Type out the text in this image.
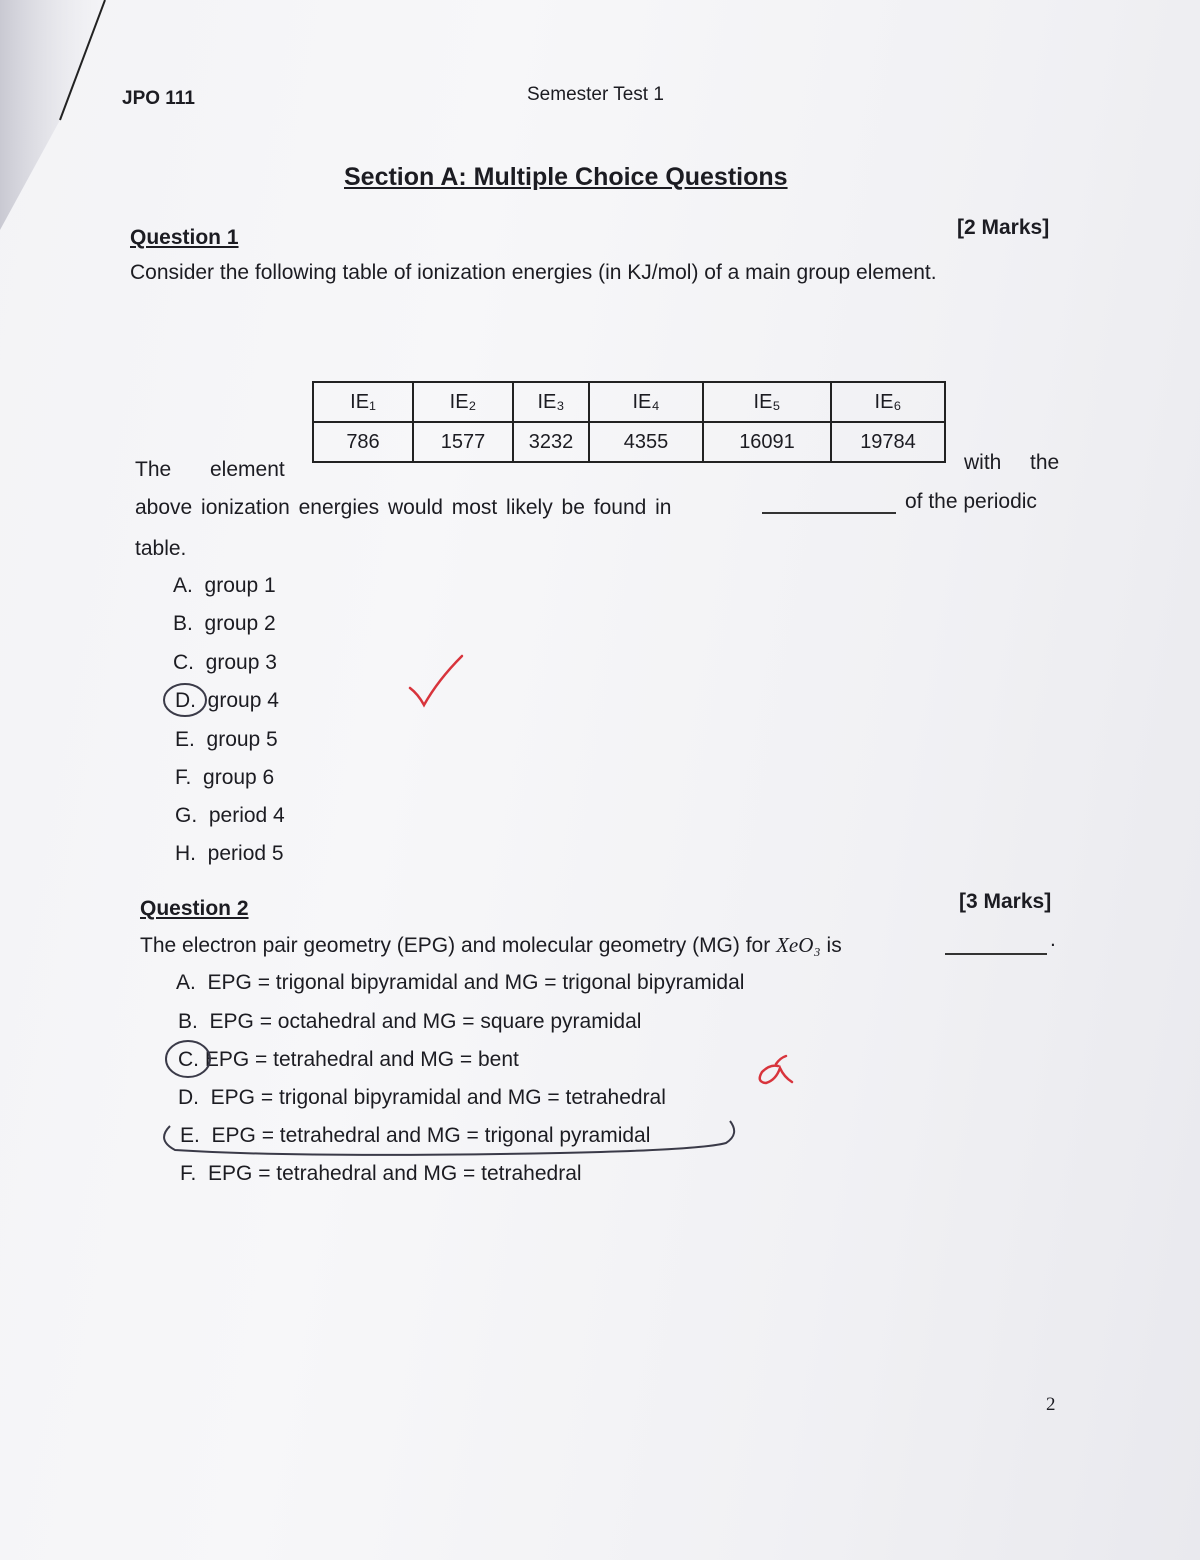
JPO 111	Semester Test 1
Section A: Multiple Choice Questions
Question 1	[2 Marks]
Consider the following table of ionization energies (in KJ/mol) of a main group element.
IE₁	IE₂	IE₃	IE₄	IE₅	IE₆
786	1577	3232	4355	16091	19784
The element	with the
above ionization energies would most likely be found in	of the periodic
table.
A. group 1
B. group 2
C. group 3
D. group 4
E. group 5
F. group 6
G. period 4
H. period 5
Question 2	[3 Marks]
The electron pair geometry (EPG) and molecular geometry (MG) for XeO₃ is	.
A. EPG = trigonal bipyramidal and MG = trigonal bipyramidal
B. EPG = octahedral and MG = square pyramidal
C. EPG = tetrahedral and MG = bent
D. EPG = trigonal bipyramidal and MG = tetrahedral
E. EPG = tetrahedral and MG = trigonal pyramidal
F. EPG = tetrahedral and MG = tetrahedral
2
